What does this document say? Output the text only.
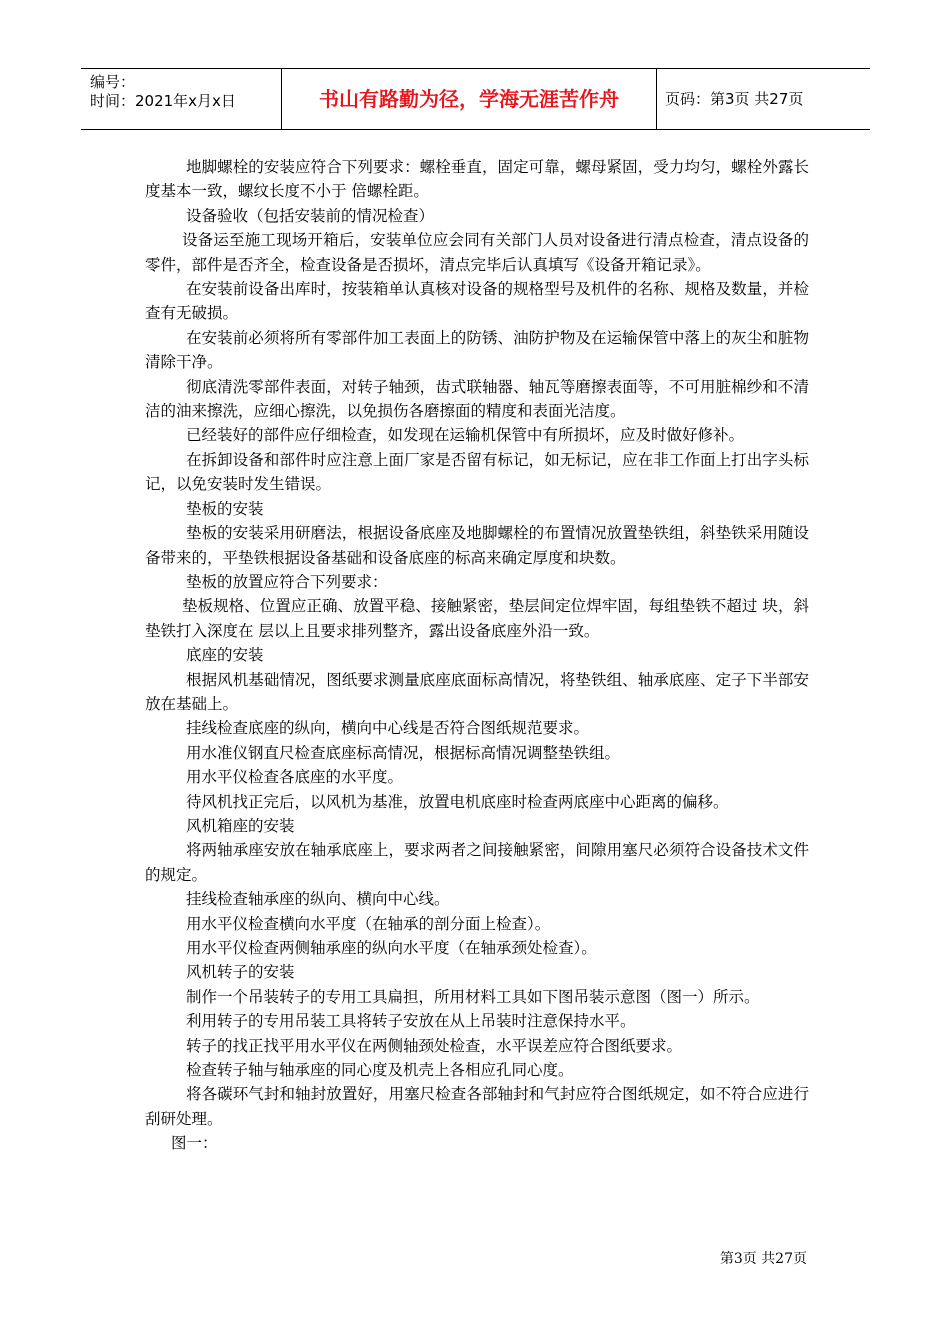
编号：
时间：2021年x月x日	书山有路勤为径，学海无涯苦作舟	页码：第3页 共27页

地脚螺栓的安装应符合下列要求：螺栓垂直，固定可靠，螺母紧固，受力均匀，螺栓外露长度基本一致，螺纹长度不小于 倍螺栓距。

设备验收（包括安装前的情况检查）

设备运至施工现场开箱后，安装单位应会同有关部门人员对设备进行清点检查，清点设备的零件，部件是否齐全，检查设备是否损坏，清点完毕后认真填写《设备开箱记录》。

在安装前设备出库时，按装箱单认真核对设备的规格型号及机件的名称、规格及数量，并检查有无破损。

在安装前必须将所有零部件加工表面上的防锈、油防护物及在运输保管中落上的灰尘和脏物清除干净。

彻底清洗零部件表面，对转子轴颈，齿式联轴器、轴瓦等磨擦表面等，不可用脏棉纱和不清洁的油来擦洗，应细心擦洗，以免损伤各磨擦面的精度和表面光洁度。

已经装好的部件应仔细检查，如发现在运输机保管中有所损坏，应及时做好修补。

在拆卸设备和部件时应注意上面厂家是否留有标记，如无标记，应在非工作面上打出字头标记，以免安装时发生错误。

垫板的安装

垫板的安装采用研磨法，根据设备底座及地脚螺栓的布置情况放置垫铁组，斜垫铁采用随设备带来的，平垫铁根据设备基础和设备底座的标高来确定厚度和块数。

垫板的放置应符合下列要求：

垫板规格、位置应正确、放置平稳、接触紧密，垫层间定位焊牢固，每组垫铁不超过 块，斜垫铁打入深度在 层以上且要求排列整齐，露出设备底座外沿一致。

底座的安装

根据风机基础情况，图纸要求测量底座底面标高情况，将垫铁组、轴承底座、定子下半部安放在基础上。

挂线检查底座的纵向，横向中心线是否符合图纸规范要求。

用水准仪钢直尺检查底座标高情况，根据标高情况调整垫铁组。

用水平仪检查各底座的水平度。

待风机找正完后，以风机为基准，放置电机底座时检查两底座中心距离的偏移。

风机箱座的安装

将两轴承座安放在轴承底座上，要求两者之间接触紧密，间隙用塞尺必须符合设备技术文件的规定。

挂线检查轴承座的纵向、横向中心线。

用水平仪检查横向水平度（在轴承的剖分面上检查）。

用水平仪检查两侧轴承座的纵向水平度（在轴承颈处检查）。

风机转子的安装

制作一个吊装转子的专用工具扁担，所用材料工具如下图吊装示意图（图一）所示。

利用转子的专用吊装工具将转子安放在从上吊装时注意保持水平。

转子的找正找平用水平仪在两侧轴颈处检查，水平误差应符合图纸要求。

检查转子轴与轴承座的同心度及机壳上各相应孔同心度。

将各碳环气封和轴封放置好，用塞尺检查各部轴封和气封应符合图纸规定，如不符合应进行刮研处理。

图一：

第3页 共27页
